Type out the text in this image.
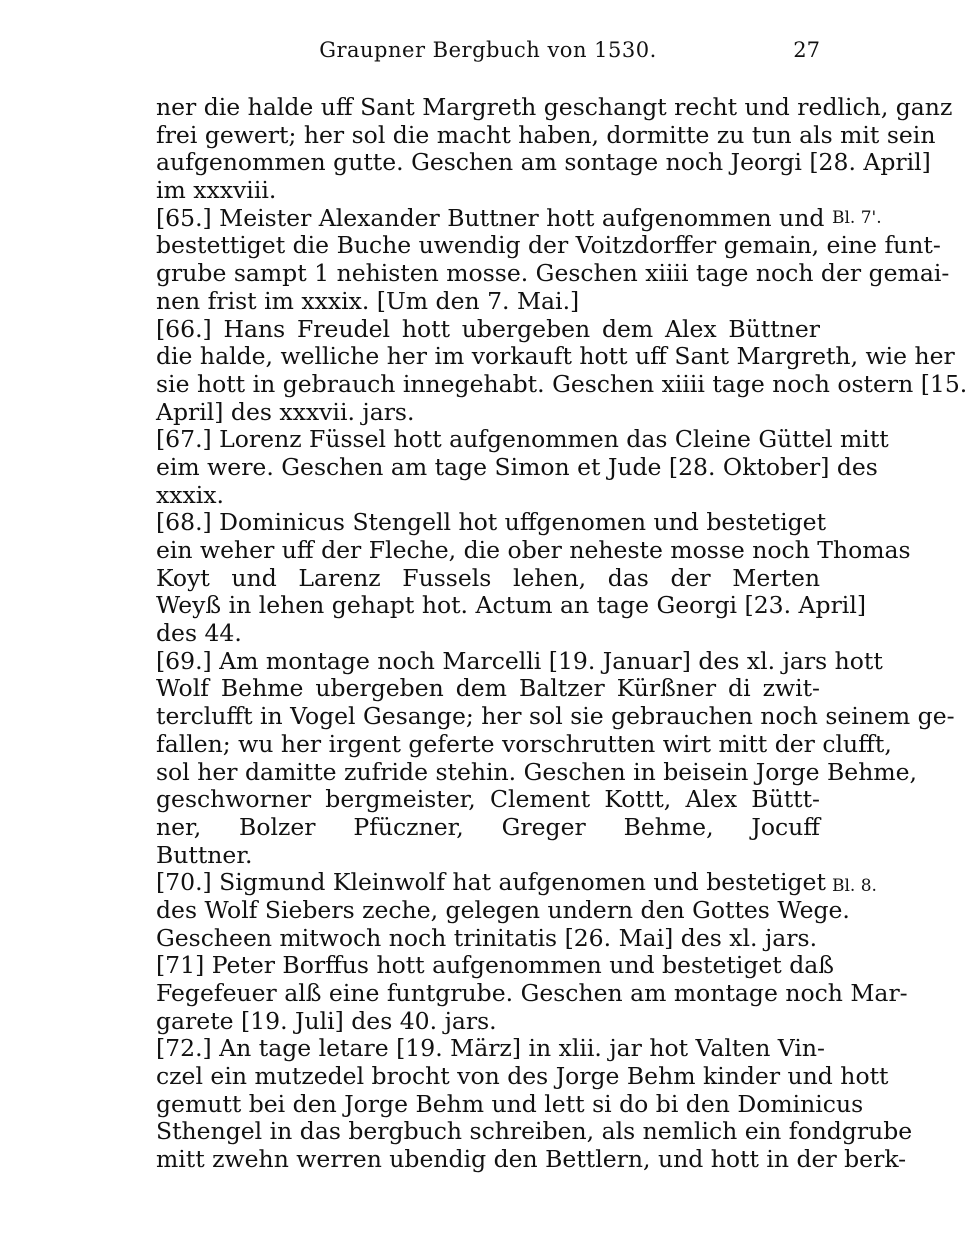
Graupner Bergbuch von 1530.	27
ner die halde uff Sant Margreth geschangt recht und redlich, ganz
frei gewert; her sol die macht haben, dormitte zu tun als mit sein
aufgenommen gutte. Geschen am sontage noch Jeorgi [28. April]
im xxxviii.
[65.] Meister Alexander Buttner hott aufgenommen und
bestettiget die Buche uwendig der Voitzdorffer gemain, eine funt-
grube sampt 1 nehisten mosse. Geschen xiiii tage noch der gemai-
nen frist im xxxix. [Um den 7. Mai.]
[66.] Hans Freudel hott ubergeben dem Alex Büttner
die halde, welliche her im vorkauft hott uff Sant Margreth, wie her
sie hott in gebrauch innegehabt. Geschen xiiii tage noch ostern [15.
April] des xxxvii. jars.
[67.] Lorenz Füssel hott aufgenommen das Cleine Güttel mitt
eim were. Geschen am tage Simon et Jude [28. Oktober] des
xxxix.
[68.] Dominicus Stengell hot uffgenomen und bestetiget
ein weher uff der Fleche, die ober neheste mosse noch Thomas
Koyt und Larenz Fussels lehen, das der Merten
Weyß in lehen gehapt hot. Actum an tage Georgi [23. April]
des 44.
[69.] Am montage noch Marcelli [19. Januar] des xl. jars hott
Wolf Behme ubergeben dem Baltzer Kürßner di zwit-
terclufft in Vogel Gesange; her sol sie gebrauchen noch seinem ge-
fallen; wu her irgent geferte vorschrutten wirt mitt der clufft,
sol her damitte zufride stehin. Geschen in beisein Jorge Behme,
geschworner bergmeister, Clement Kottt, Alex Büttt-
ner, Bolzer Pfüczner, Greger Behme, Jocuff
Buttner.
[70.] Sigmund Kleinwolf hat aufgenomen und bestetiget
des Wolf Siebers zeche, gelegen undern den Gottes Wege.
Gescheen mitwoch noch trinitatis [26. Mai] des xl. jars.
[71] Peter Borffus hott aufgenommen und bestetiget daß
Fegefeuer alß eine funtgrube. Geschen am montage noch Mar-
garete [19. Juli] des 40. jars.
[72.] An tage letare [19. März] in xlii. jar hot Valten Vin-
czel ein mutzedel brocht von des Jorge Behm kinder und hott
gemutt bei den Jorge Behm und lett si do bi den Dominicus
Sthengel in das bergbuch schreiben, als nemlich ein fondgrube
mitt zwehn werren ubendig den Bettlern, und hott in der berk-
Bl. 7'.
Bl. 8.
